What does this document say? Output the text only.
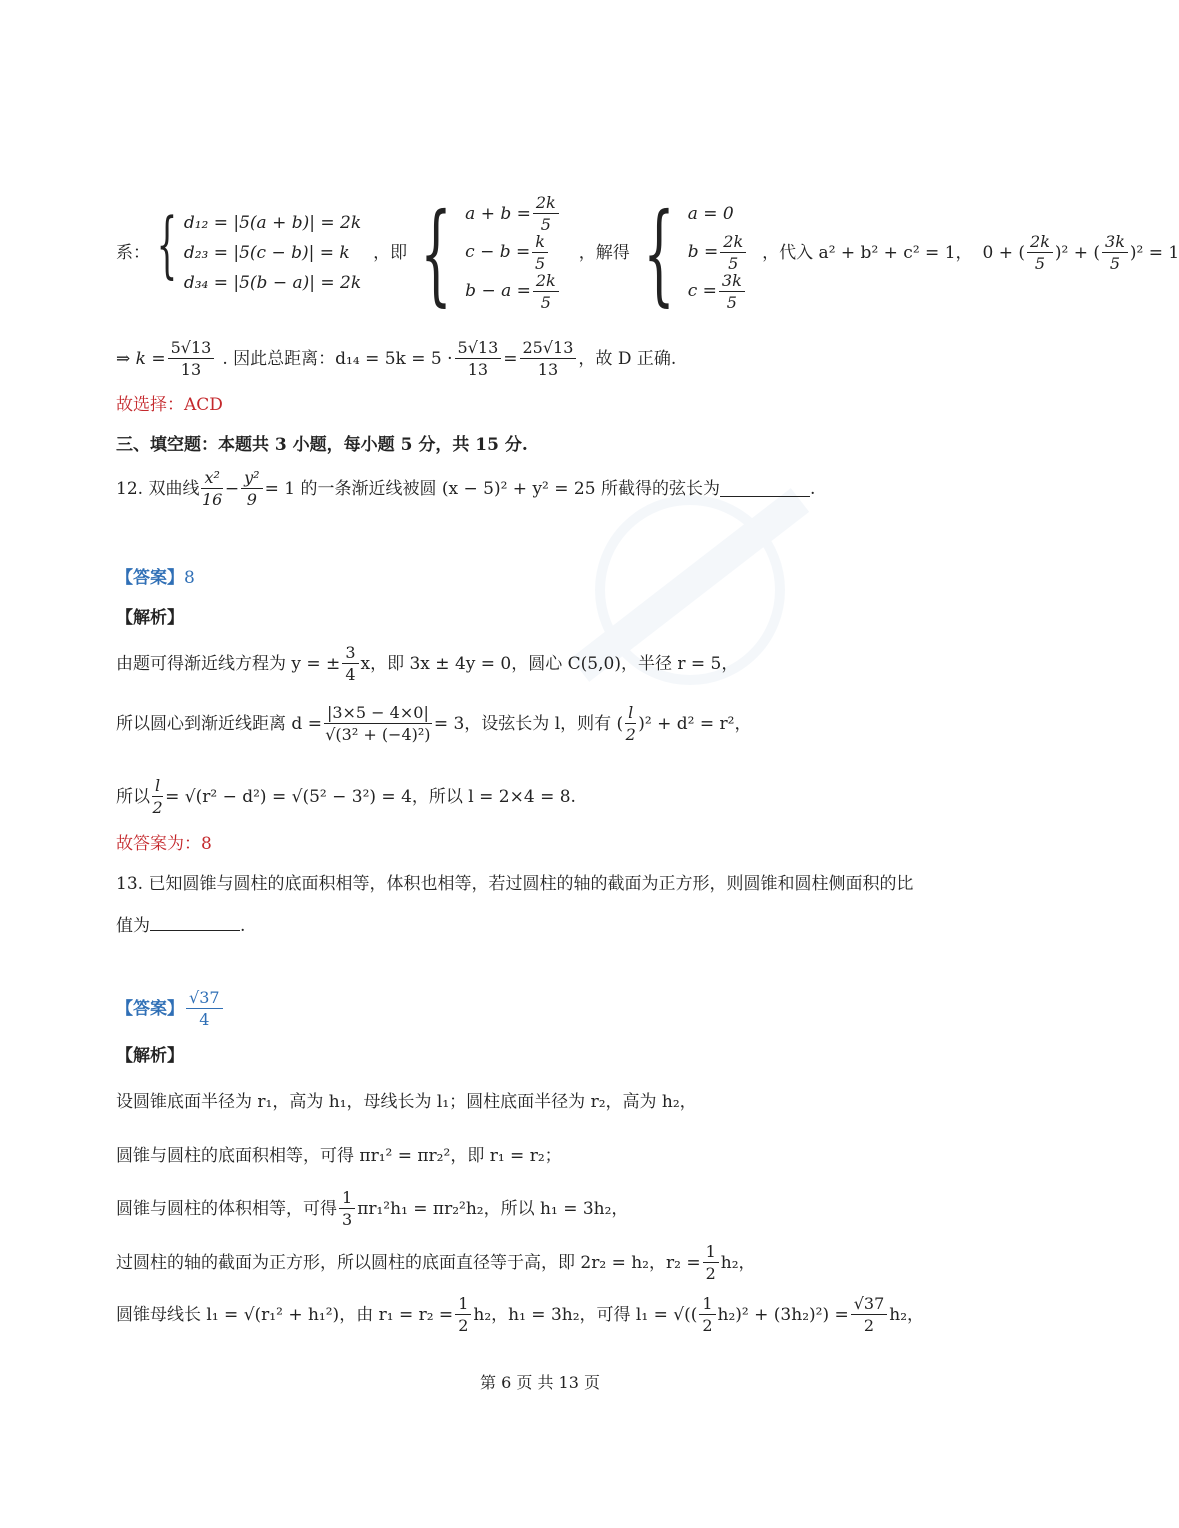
系： { d₁₂ = |5(a + b)| = 2k
d₂₃ = |5(c − b)| = k
d₃₄ = |5(b − a)| = 2k
，即 { $a + b = \frac{2k}{5}$
$c - b = \frac{k}{5}$
$b - a = \frac{2k}{5}$
，解得 { a = 0
$b = \frac{2k}{5}$
$c = \frac{3k}{5}$
，代入 a² + b² + c² = 1， 0 + ( $\frac{2k}{5} )^2$ + ( $\frac{3k}{5} )^2 = 1$
⇒ $k = \frac{5√13}{13}$ . 因此总距离：$d_{14} = 5k = 5 \cdot \frac{5√13}{13} = \frac{25√13}{13}$ ，故 D 正确.
故选择：ACD
三、填空题：本题共 3 小题，每小题 5 分，共 15 分.
12. 双曲线 $\frac{\text{x²}}{16} - \frac{\text{y²}}{9} = 1$ 的一条渐近线被圆 (x − 5)² + y² = 25 所截得的弦长为	.
【答案】8
【解析】
由题可得渐近线方程为 y = ± $\frac{3}{4}$ x，即 3x ± 4y = 0，圆心 C(5,0)，半径 r = 5，
所以圆心到渐近线距离 $d = \frac{|3\times 5 - 4\times 0|}{\text{√(3² + (−4)²)}} = 3$，设弦长为 l，则有 ( $\frac{l}{2} )^2 + d^2 = r^2$，
所以 $\frac{l}{2} = √(r^2 - d^2) = √(5^2 - 3^2) = 4$，所以 l = 2×4 = 8.
故答案为：8
13. 已知圆锥与圆柱的底面积相等，体积也相等，若过圆柱的轴的截面为正方形，则圆锥和圆柱侧面积的比
值为	.
【答案】 $\frac{√37}{4}$
【解析】
设圆锥底面半径为 r₁，高为 h₁，母线长为 l₁；圆柱底面半径为 r₂，高为 h₂，
圆锥与圆柱的底面积相等，可得 πr₁² = πr₂²，即 r₁ = r₂；
圆锥与圆柱的体积相等，可得 $\frac{1}{3} \pi r_1^2h_1 = \pi r_2^2h_2$，所以 h₁ = 3h₂，
过圆柱的轴的截面为正方形，所以圆柱的底面直径等于高，即 2r₂ = h₂，$r_2 = \frac{1}{2} h_2$，
圆锥母线长 l₁ = √(r₁² + h₁²)，由 $r_1 = r_2 = \frac{1}{2} h_2$，h₁ = 3h₂，可得 l₁ = √(( $\frac{1}{2} h_2)^2 + (3h_2)^2) = \frac{√37}{2} h_2$，
第 6 页 共 13 页
